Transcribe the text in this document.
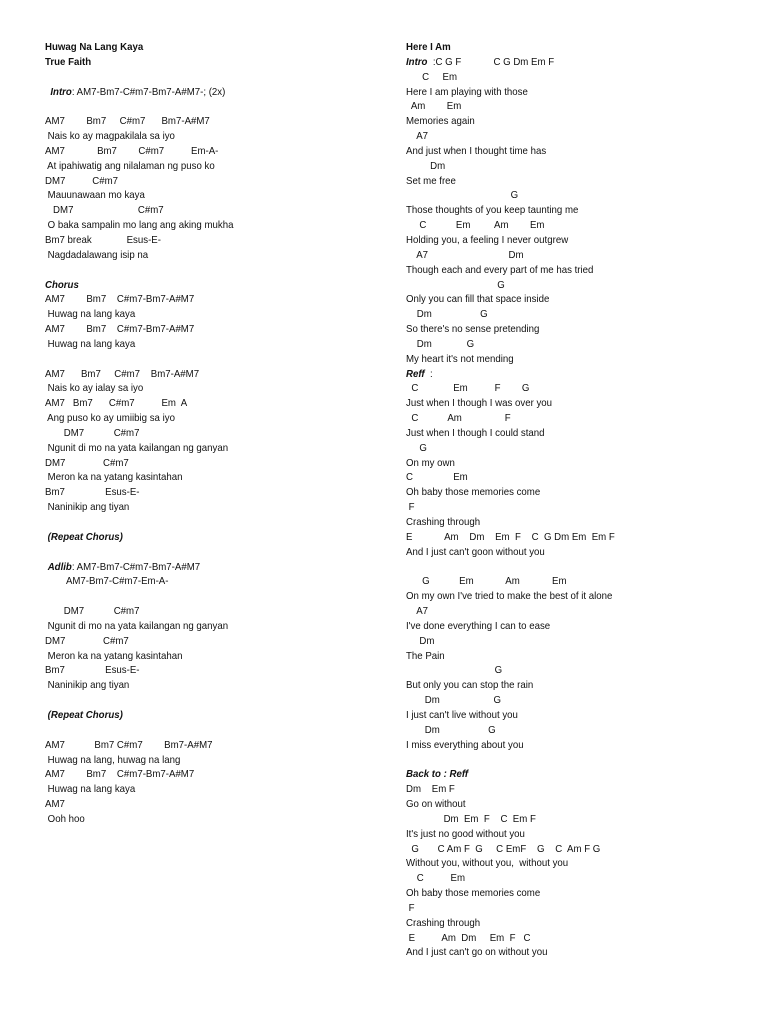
Huwag Na Lang Kaya
True Faith
Intro: AM7-Bm7-C#m7-Bm7-A#M7-; (2x)
AM7        Bm7     C#m7      Bm7-A#M7
Nais ko ay magpakilala sa iyo
AM7            Bm7        C#m7          Em-A-
At ipahiwatig ang nilalaman ng puso ko
DM7          C#m7
Mauunawaan mo kaya
DM7                        C#m7
O baka sampalin mo lang ang aking mukha
Bm7 break             Esus-E-
Nagdadalawang isip na
Chorus
AM7        Bm7    C#m7-Bm7-A#M7
Huwag na lang kaya
AM7        Bm7    C#m7-Bm7-A#M7
Huwag na lang kaya
AM7      Bm7     C#m7    Bm7-A#M7
Nais ko ay ialay sa iyo
AM7   Bm7      C#m7          Em  A
Ang puso ko ay umiibig sa iyo
DM7           C#m7
Ngunit di mo na yata kailangan ng ganyan
DM7              C#m7
Meron ka na yatang kasintahan
Bm7               Esus-E-
Naninikip ang tiyan
(Repeat Chorus)
Adlib: AM7-Bm7-C#m7-Bm7-A#M7
AM7-Bm7-C#m7-Em-A-
DM7           C#m7
Ngunit di mo na yata kailangan ng ganyan
DM7              C#m7
Meron ka na yatang kasintahan
Bm7               Esus-E-
Naninikip ang tiyan
(Repeat Chorus)
AM7           Bm7 C#m7        Bm7-A#M7
Huwag na lang, huwag na lang
AM7        Bm7    C#m7-Bm7-A#M7
Huwag na lang kaya
AM7
Ooh hoo
Here I Am
Intro  :C G F            C G Dm Em F
C     Em
Here I am playing with those
Am        Em
Memories again
A7
And just when I thought time has
Dm
Set me free
G
Those thoughts of you keep taunting me
C           Em         Am        Em
Holding you, a feeling I never outgrew
A7                              Dm
Though each and every part of me has tried
G
Only you can fill that space inside
Dm                  G
So there's no sense pretending
Dm             G
My heart it's not mending
Reff  :
C             Em          F        G
Just when I though I was over you
C           Am                F
Just when I though I could stand
G
On my own
C               Em
Oh baby those memories come
F
Crashing through
E            Am    Dm    Em  F    C  G Dm Em  Em F
And I just can't goon without you
G           Em            Am            Em
On my own I've tried to make the best of it alone
A7
I've done everything I can to ease
Dm
The Pain
G
But only you can stop the rain
Dm                    G
I just can't live without you
Dm                  G
I miss everything about you
Back to : Reff
Dm    Em F
Go on without
Dm  Em  F    C  Em F
It's just no good without you
G       C Am F  G     C EmF    G    C  Am F G
Without you, without you,  without you
C          Em
Oh baby those memories come
F
Crashing through
E          Am  Dm     Em  F   C
And I just can't go on without you
